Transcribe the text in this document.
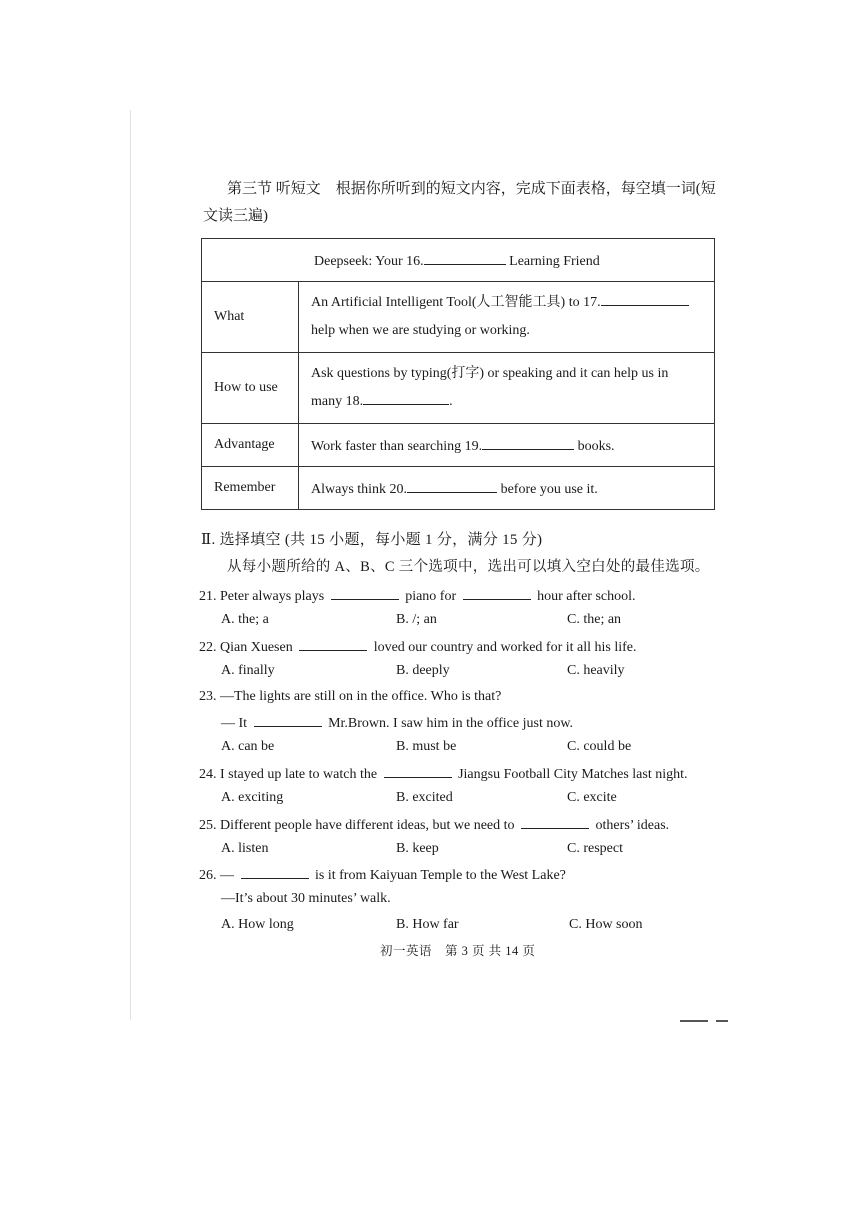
第三节 听短文　根据你所听到的短文内容，完成下面表格，每空填一词(短文读三遍)
Deepseek: Your 16. Learning Friend	
What	An Artificial Intelligent Tool(人工智能工具) to 17.
help when we are studying or working.
How to use	Ask questions by typing(打字) or speaking and it can help us in many 18. .
Advantage	Work faster than searching 19. books.
Remember	Always think 20. before you use it.
Ⅱ. 选择填空 (共 15 小题，每小题 1 分，满分 15 分)
从每小题所给的 A、B、C 三个选项中，选出可以填入空白处的最佳选项。
21. Peter always plays	piano for	hour after school.
A. the; a	B. /; an	C. the; an
22. Qian Xuesen	loved our country and worked for it all his life.
A. finally	B. deeply	C. heavily
23. —The lights are still on in the office. Who is that?
— It	Mr.Brown. I saw him in the office just now.
A. can be	B. must be	C. could be
24. I stayed up late to watch the	Jiangsu Football City Matches last night.
A. exciting	B. excited	C. excite
25. Different people have different ideas, but we need to	others’ ideas.
A. listen	B. keep	C. respect
26. —	is it from Kaiyuan Temple to the West Lake?
—It’s about 30 minutes’ walk.
A. How long	B. How far	C. How soon
初一英语　第 3 页 共 14 页
